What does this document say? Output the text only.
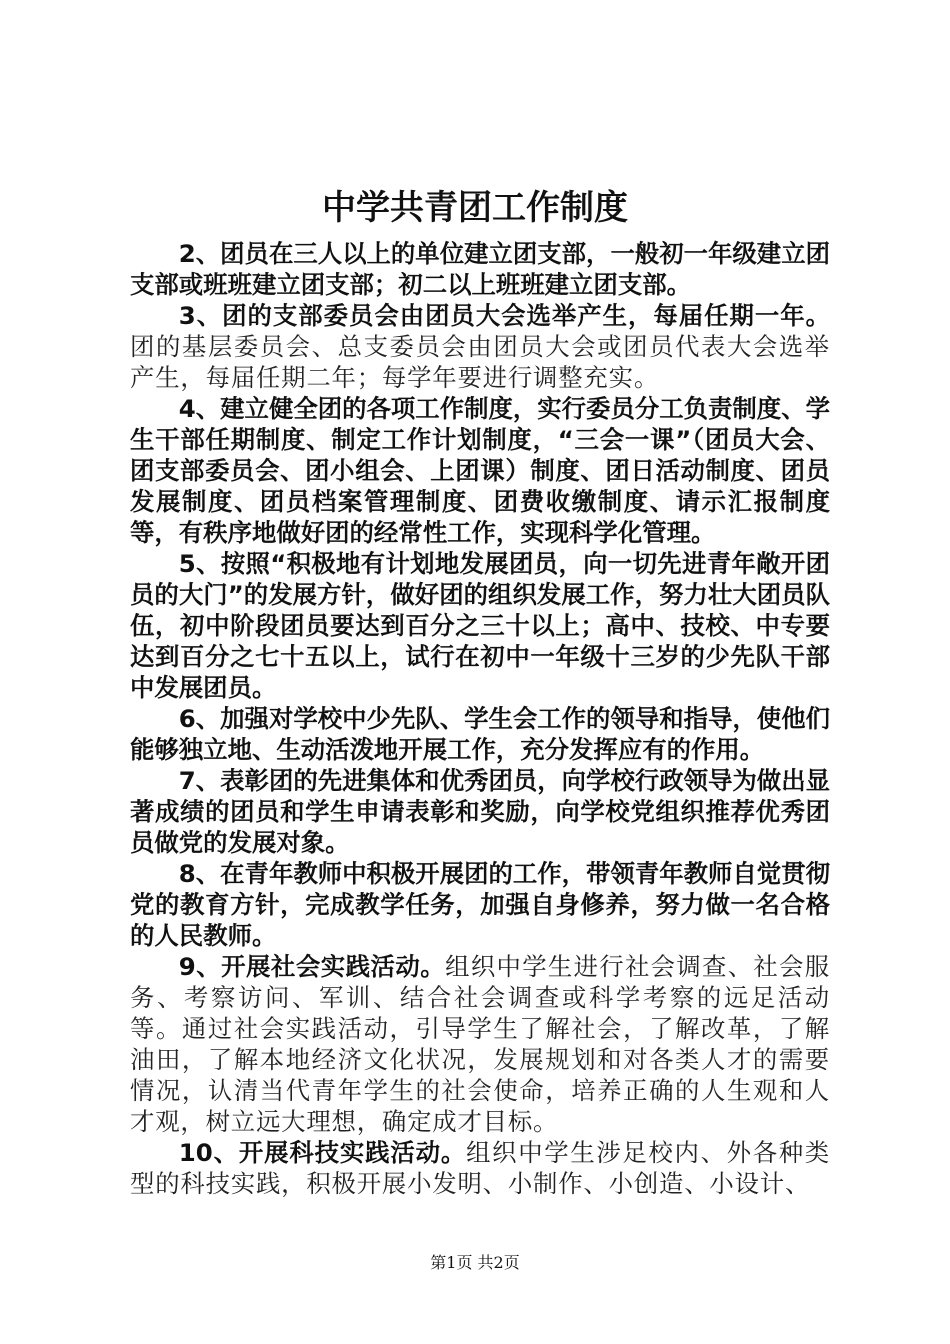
中学共青团工作制度

2、团员在三人以上的单位建立团支部，一般初一年级建立团支部或班班建立团支部；初二以上班班建立团支部。

3、团的支部委员会由团员大会选举产生，每届任期一年。团的基层委员会、总支委员会由团员大会或团员代表大会选举产生，每届任期二年；每学年要进行调整充实。

4、建立健全团的各项工作制度，实行委员分工负责制度、学生干部任期制度、制定工作计划制度，“三会一课”（团员大会、团支部委员会、团小组会、上团课）制度、团日活动制度、团员发展制度、团员档案管理制度、团费收缴制度、请示汇报制度等，有秩序地做好团的经常性工作，实现科学化管理。

5、按照“积极地有计划地发展团员，向一切先进青年敞开团员的大门”的发展方针，做好团的组织发展工作，努力壮大团员队伍，初中阶段团员要达到百分之三十以上；高中、技校、中专要达到百分之七十五以上，试行在初中一年级十三岁的少先队干部中发展团员。

6、加强对学校中少先队、学生会工作的领导和指导，使他们能够独立地、生动活泼地开展工作，充分发挥应有的作用。

7、表彰团的先进集体和优秀团员，向学校行政领导为做出显著成绩的团员和学生申请表彰和奖励，向学校党组织推荐优秀团员做党的发展对象。

8、在青年教师中积极开展团的工作，带领青年教师自觉贯彻党的教育方针，完成教学任务，加强自身修养，努力做一名合格的人民教师。

9、开展社会实践活动。组织中学生进行社会调查、社会服务、考察访问、军训、结合社会调查或科学考察的远足活动等。通过社会实践活动，引导学生了解社会，了解改革，了解油田，了解本地经济文化状况，发展规划和对各类人才的需要情况，认清当代青年学生的社会使命，培养正确的人生观和人才观，树立远大理想，确定成才目标。

10、开展科技实践活动。组织中学生涉足校内、外各种类型的科技实践，积极开展小发明、小制作、小创造、小设计、

第1页 共2页
